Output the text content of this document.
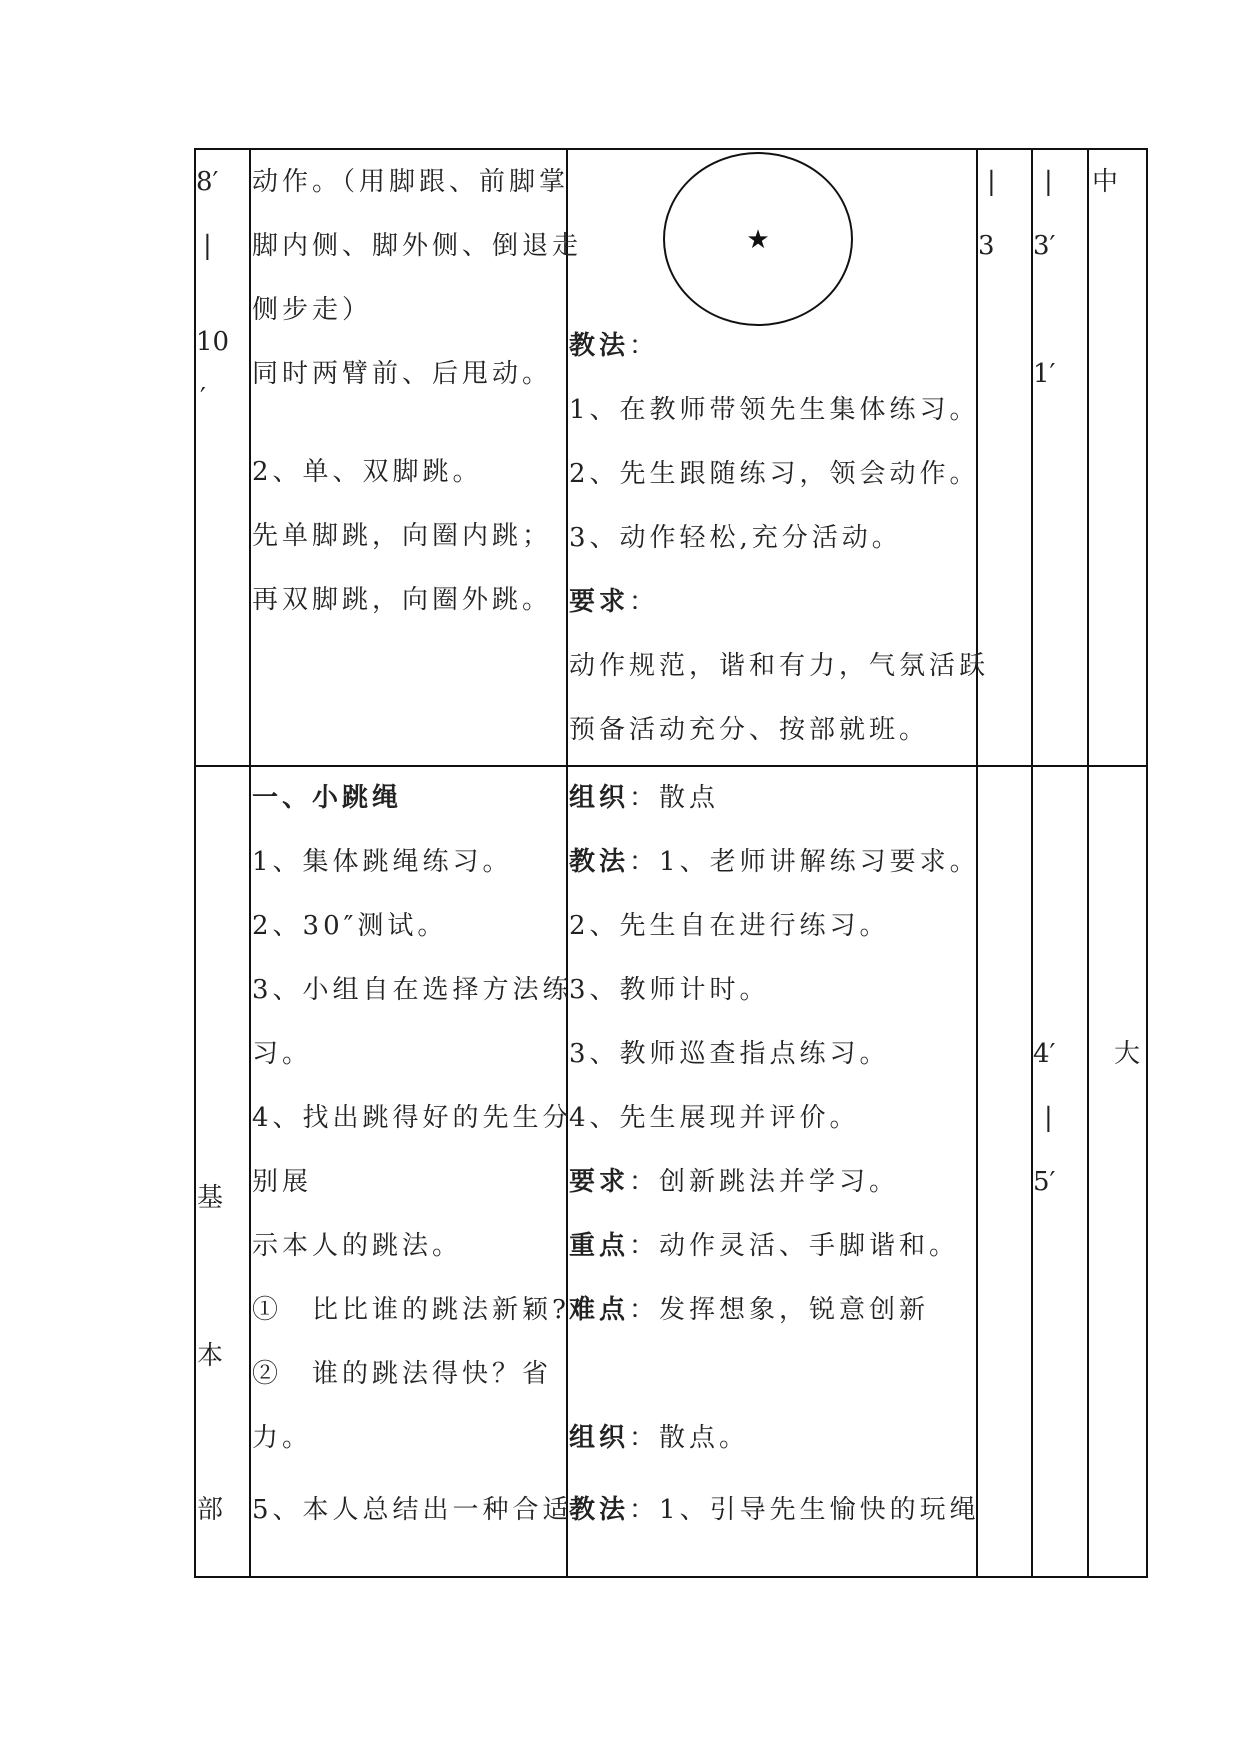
8′
|
10
′
动作。（用脚跟、前脚掌
脚内侧、脚外侧、倒退走
侧步走）
同时两臂前、后甩动。
2、单、双脚跳。
先单脚跳，向圈内跳；
再双脚跳，向圈外跳。
★
教法：
1、在教师带领先生集体练习。
2、先生跟随练习，领会动作。
3、动作轻松,充分活动。
要求：
动作规范，谐和有力，气氛活跃
预备活动充分、按部就班。
|
3
|
3′
1′
中
基
本
部
一、小跳绳
1、集体跳绳练习。
2、30″测试。
3、小组自在选择方法练
习。
4、找出跳得好的先生分
别展
示本人的跳法。
①　比比谁的跳法新颖?
②　谁的跳法得快？省
力。
5、本人总结出一种合适
组织：散点
教法：1、老师讲解练习要求。
2、先生自在进行练习。
3、教师计时。
3、教师巡查指点练习。
4、先生展现并评价。
要求：创新跳法并学习。
重点：动作灵活、手脚谐和。
难点：发挥想象，锐意创新
组织：散点。
教法：1、引导先生愉快的玩绳
4′
|
5′
大
